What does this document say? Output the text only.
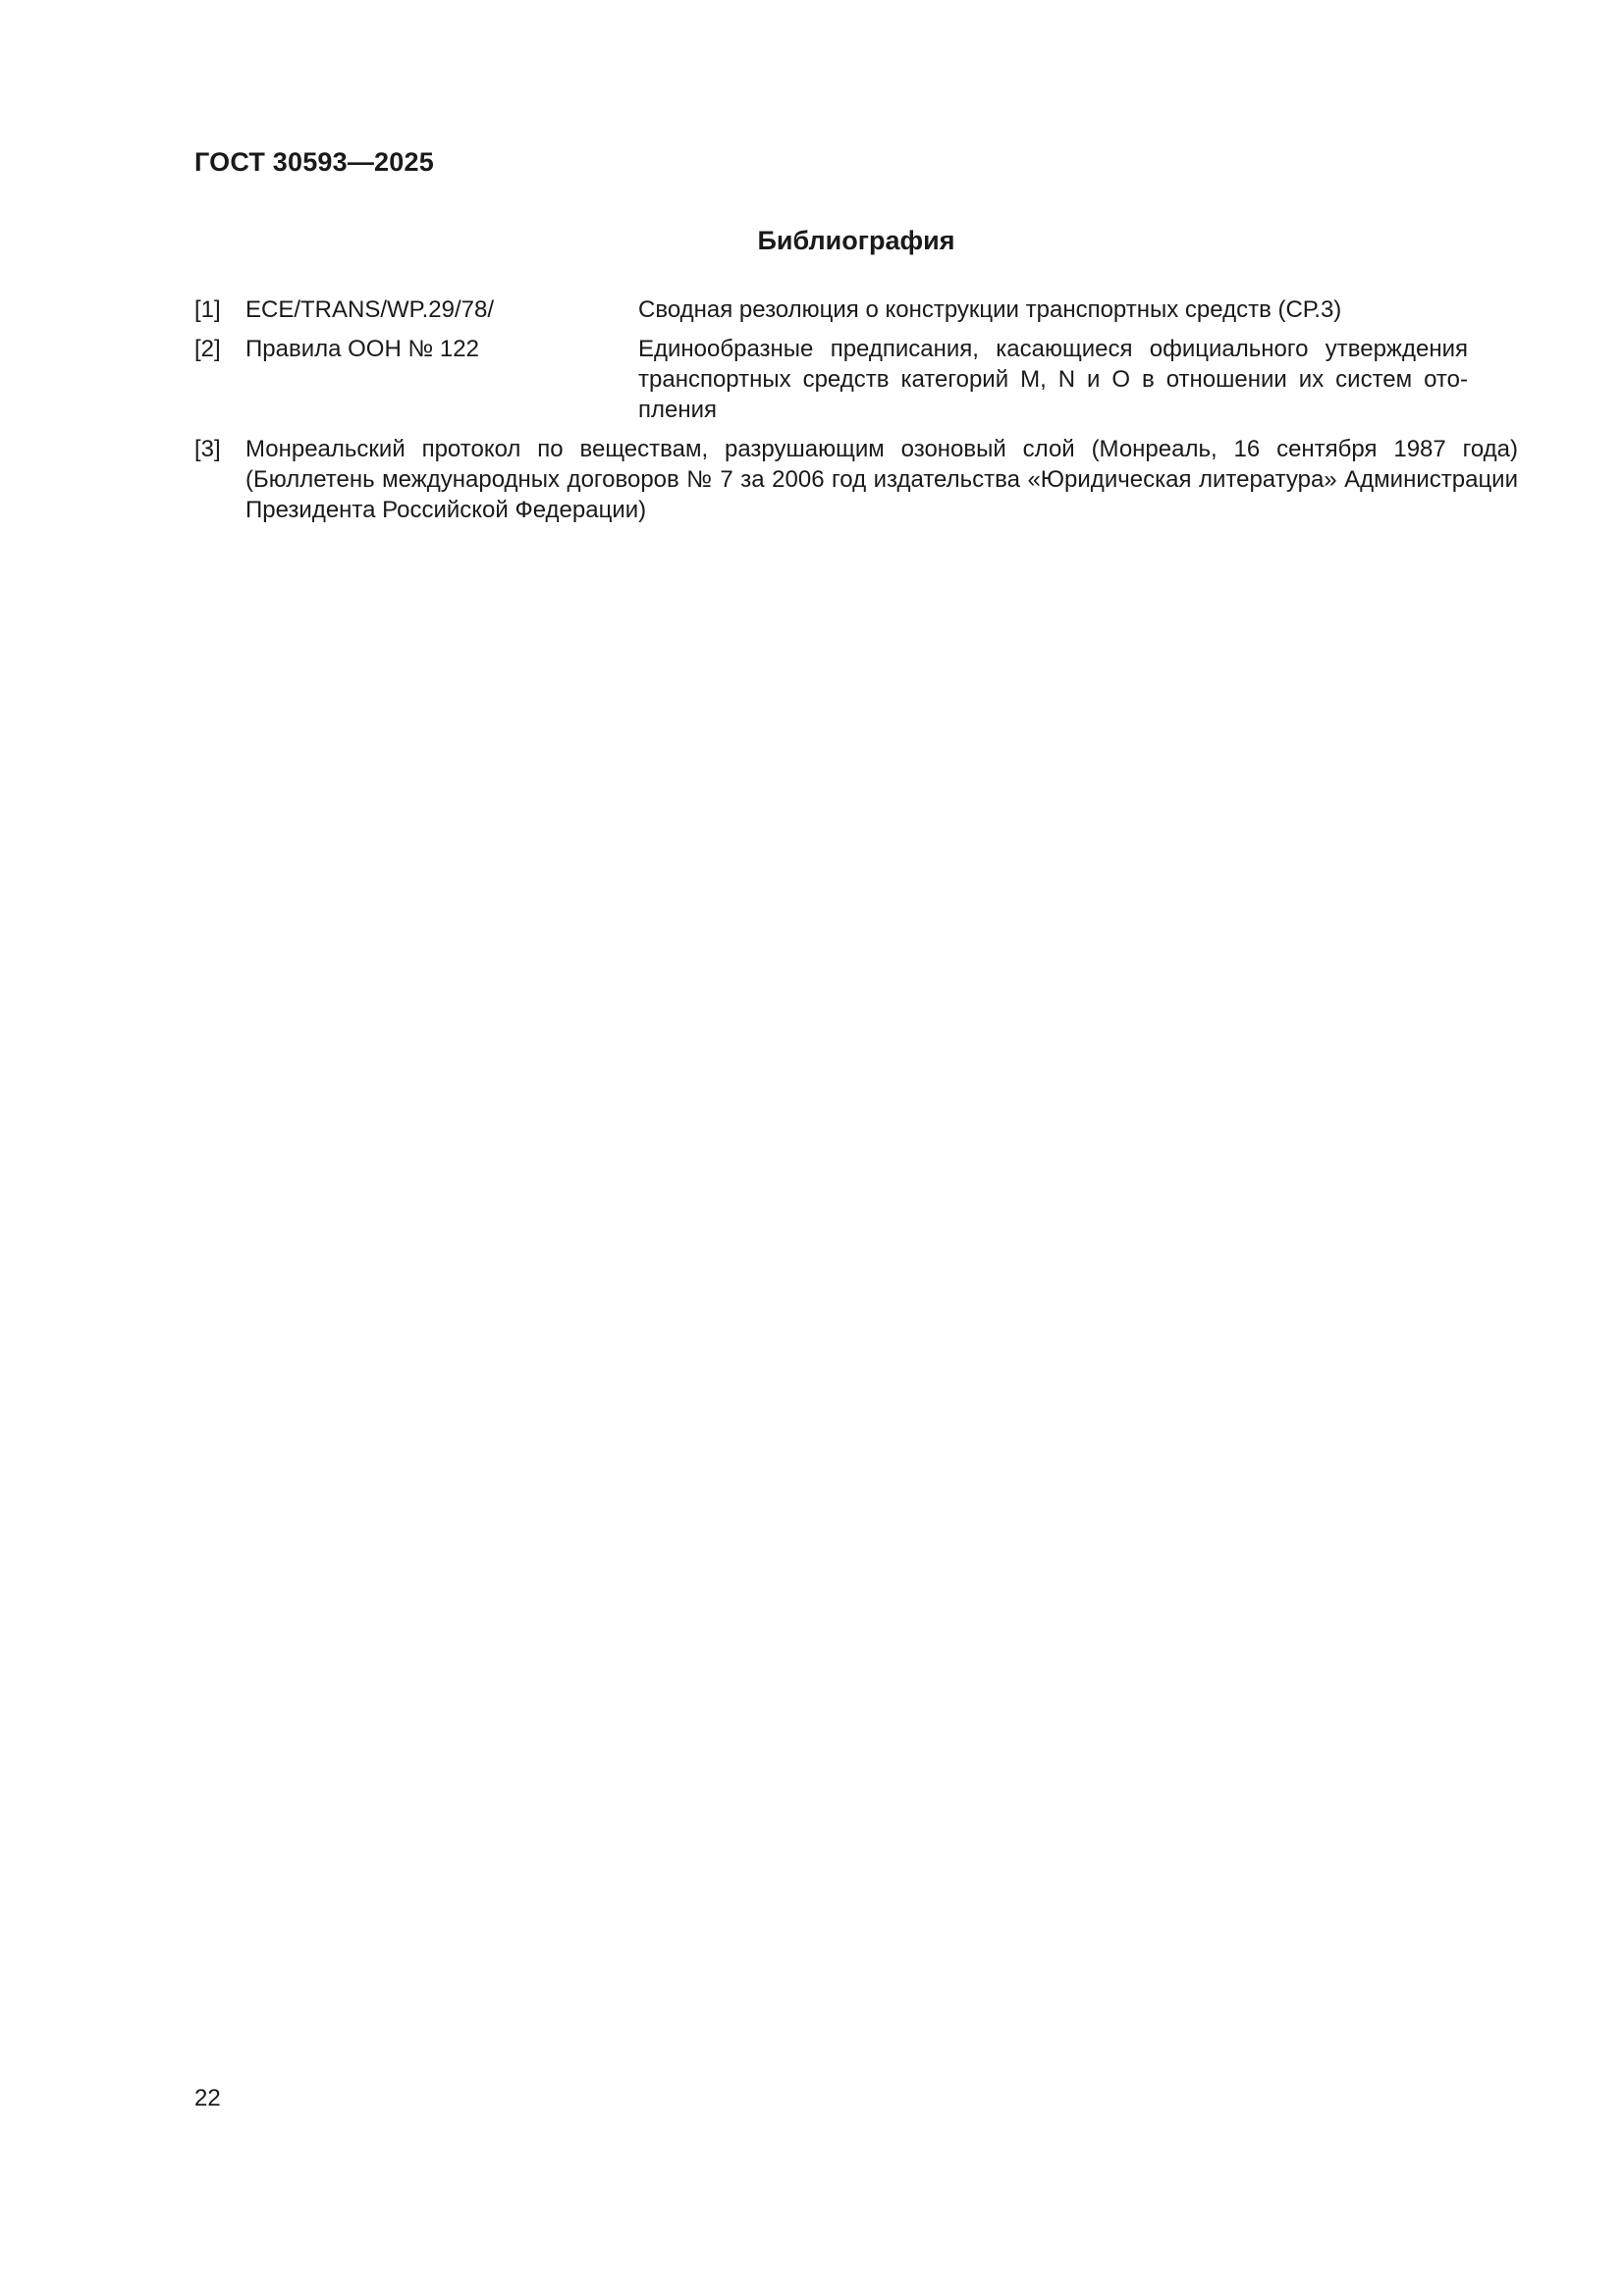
ГОСТ 30593—2025
Библиография
[1]	ECE/TRANS/WP.29/78/	Сводная резолюция о конструкции транспортных средств (СР.3)
[2]	Правила ООН № 122	Единообразные предписания, касающиеся официального утверждения транспортных средств категорий М, N и О в отношении их систем отопления
[3]	Монреальский протокол по веществам, разрушающим озоновый слой (Монреаль, 16 сентября 1987 года) (Бюллетень международных договоров № 7 за 2006 год издательства «Юридическая литература» Администрации Президента Российской Федерации)
22
